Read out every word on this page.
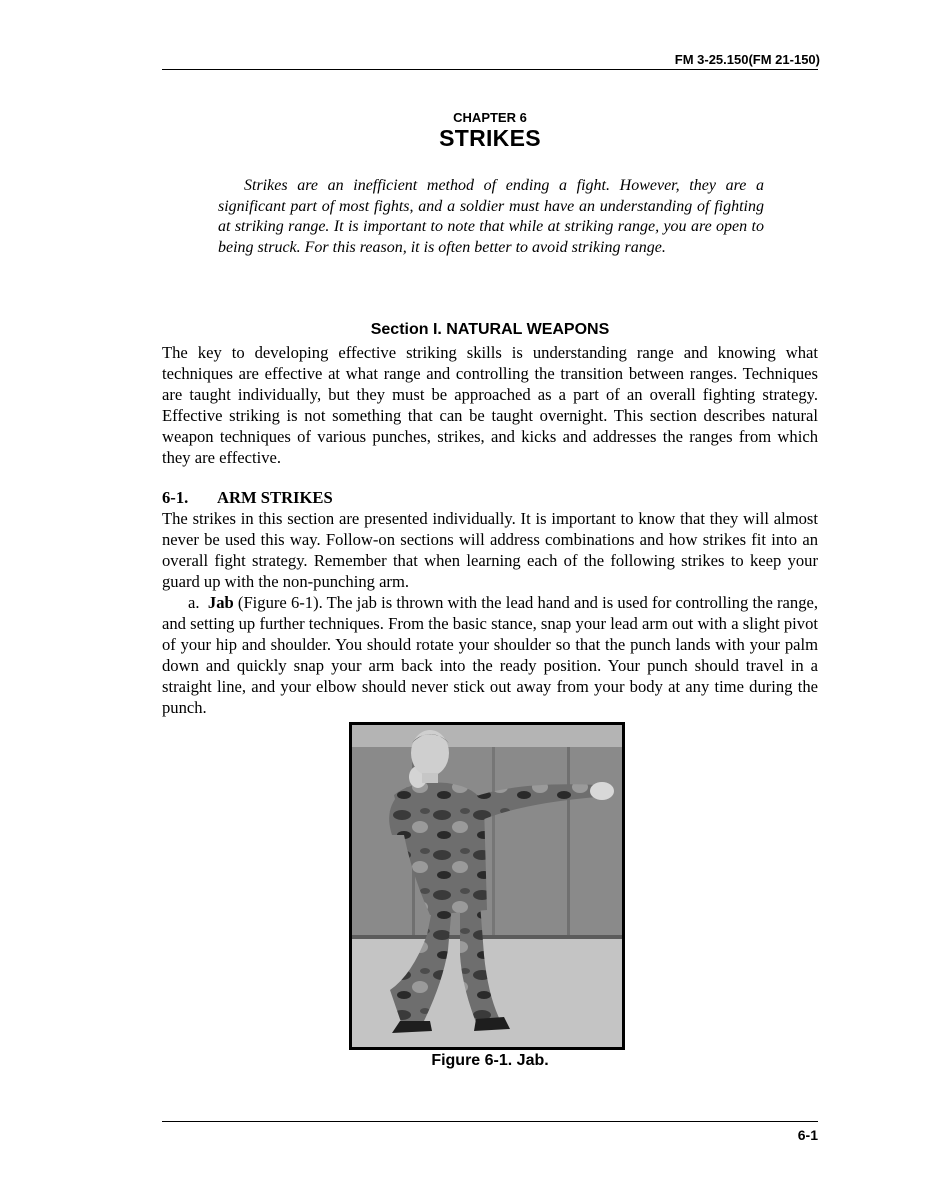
FM 3-25.150(FM 21-150)
CHAPTER 6
STRIKES

Strikes are an inefficient method of ending a fight. However, they are a significant part of most fights, and a soldier must have an understanding of fighting at striking range. It is important to note that while at striking range, you are open to being struck. For this reason, it is often better to avoid striking range.

Section I. NATURAL WEAPONS

The key to developing effective striking skills is understanding range and knowing what techniques are effective at what range and controlling the transition between ranges. Techniques are taught individually, but they must be approached as a part of an overall fighting strategy. Effective striking is not something that can be taught overnight. This section describes natural weapon techniques of various punches, strikes, and kicks and addresses the ranges from which they are effective.

6-1. ARM STRIKES

The strikes in this section are presented individually. It is important to know that they will almost never be used this way. Follow-on sections will address combinations and how strikes fit into an overall fight strategy. Remember that when learning each of the following strikes to keep your guard up with the non-punching arm.

a. Jab (Figure 6-1). The jab is thrown with the lead hand and is used for controlling the range, and setting up further techniques. From the basic stance, snap your lead arm out with a slight pivot of your hip and shoulder. You should rotate your shoulder so that the punch lands with your palm down and quickly snap your arm back into the ready position. Your punch should travel in a straight line, and your elbow should never stick out away from your body at any time during the punch.

Figure 6-1. Jab.
6-1
